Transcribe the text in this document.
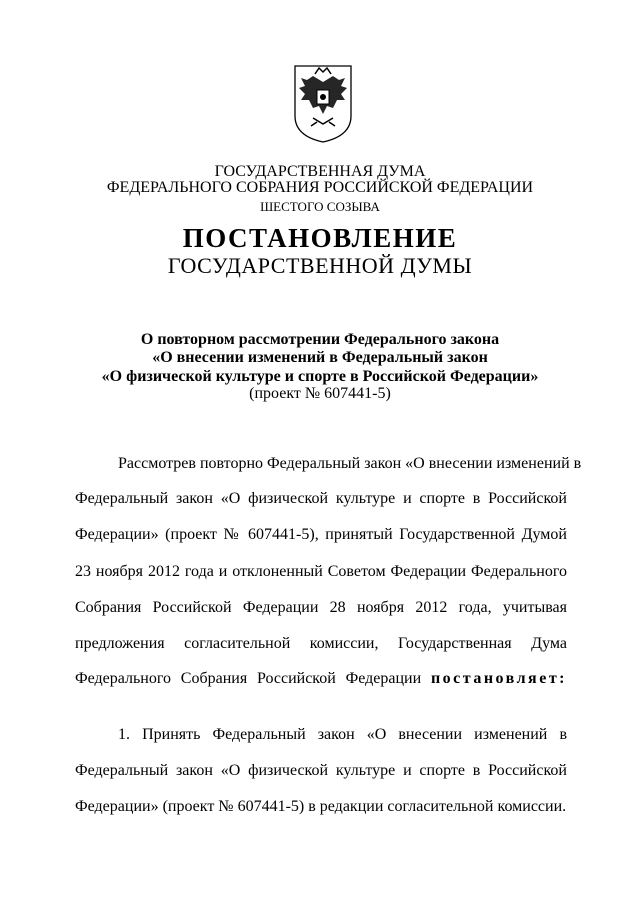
ГОСУДАРСТВЕННАЯ ДУМА
ФЕДЕРАЛЬНОГО СОБРАНИЯ РОССИЙСКОЙ ФЕДЕРАЦИИ
ШЕСТОГО СОЗЫВА
ПОСТАНОВЛЕНИЕ
ГОСУДАРСТВЕННОЙ ДУМЫ
О повторном рассмотрении Федерального закона
«О внесении изменений в Федеральный закон
«О физической культуре и спорте в Российской Федерации»
(проект № 607441-5)
Рассмотрев повторно Федеральный закон «О внесении изменений в
Федеральный закон «О физической культуре и спорте в Российской
Федерации» (проект № 607441-5), принятый Государственной Думой
23 ноября 2012 года и отклоненный Советом Федерации Федерального
Собрания Российской Федерации 28 ноября 2012 года, учитывая
предложения согласительной комиссии, Государственная Дума
Федерального Собрания Российской Федерации постановляет:
1. Принять Федеральный закон «О внесении изменений в
Федеральный закон «О физической культуре и спорте в Российской
Федерации» (проект № 607441-5) в редакции согласительной комиссии.
